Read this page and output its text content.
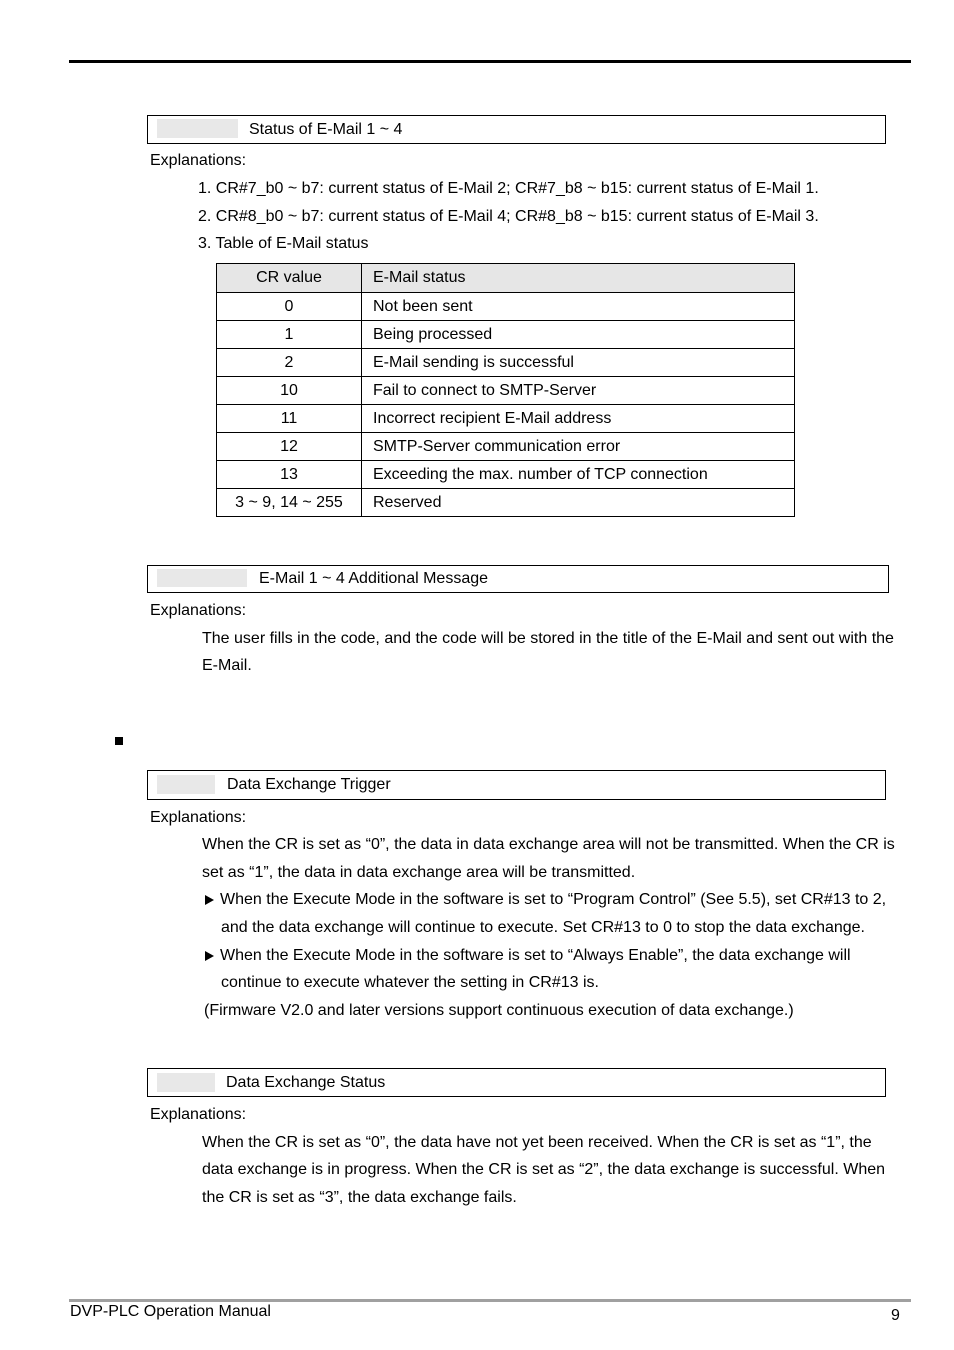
Status of E-Mail 1 ~ 4
Explanations:
1. CR#7_b0 ~ b7: current status of E-Mail 2; CR#7_b8 ~ b15: current status of E-Mail 1.
2. CR#8_b0 ~ b7: current status of E-Mail 4; CR#8_b8 ~ b15: current status of E-Mail 3.
3. Table of E-Mail status
CR value	E-Mail status
0	Not been sent
1	Being processed
2	E-Mail sending is successful
10	Fail to connect to SMTP-Server
11	Incorrect recipient E-Mail address
12	SMTP-Server communication error
13	Exceeding the max. number of TCP connection
3 ~ 9, 14 ~ 255	Reserved
E-Mail 1 ~ 4 Additional Message
Explanations:
The user fills in the code, and the code will be stored in the title of the E-Mail and sent out with the
E-Mail.
Data Exchange Trigger
Explanations:
When the CR is set as “0”, the data in data exchange area will not be transmitted. When the CR is
set as “1”, the data in data exchange area will be transmitted.
When the Execute Mode in the software is set to “Program Control” (See 5.5), set CR#13 to 2,
and the data exchange will continue to execute. Set CR#13 to 0 to stop the data exchange.
When the Execute Mode in the software is set to “Always Enable”, the data exchange will
continue to execute whatever the setting in CR#13 is.
(Firmware V2.0 and later versions support continuous execution of data exchange.)
Data Exchange Status
Explanations:
When the CR is set as “0”, the data have not yet been received. When the CR is set as “1”, the
data exchange is in progress. When the CR is set as “2”, the data exchange is successful. When
the CR is set as “3”, the data exchange fails.
DVP-PLC Operation Manual	9
